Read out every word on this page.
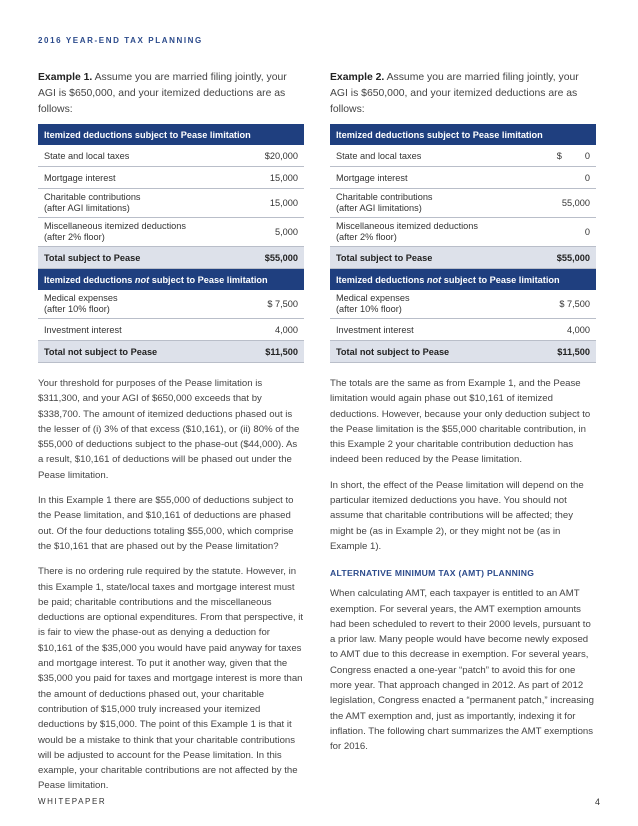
2016 YEAR-END TAX PLANNING

Example 1. Assume you are married filing jointly, your AGI is $650,000, and your itemized deductions are as follows:

Itemized deductions subject to Pease limitation	
State and local taxes	$20,000
Mortgage interest	15,000
Charitable contributions
(after AGI limitations)	15,000
Miscellaneous itemized deductions
(after 2% floor)	5,000
Total subject to Pease	$55,000
Itemized deductions not subject to Pease limitation	
Medical expenses
(after 10% floor)	$ 7,500
Investment interest	4,000
Total not subject to Pease	$11,500

Your threshold for purposes of the Pease limitation is $311,300, and your AGI of $650,000 exceeds that by $338,700. The amount of itemized deductions phased out is the lesser of (i) 3% of that excess ($10,161), or (ii) 80% of the $55,000 of deductions subject to the phase-out ($44,000). As a result, $10,161 of deductions will be phased out under the Pease limitation.

In this Example 1 there are $55,000 of deductions subject to the Pease limitation, and $10,161 of deductions are phased out. Of the four deductions totaling $55,000, which comprise the $10,161 that are phased out by the Pease limitation?

There is no ordering rule required by the statute. However, in this Example 1, state/local taxes and mortgage interest must be paid; charitable contributions and the miscellaneous deductions are optional expenditures. From that perspective, it is fair to view the phase-out as denying a deduction for $10,161 of the $35,000 you would have paid anyway for taxes and mortgage interest. To put it another way, given that the $35,000 you paid for taxes and mortgage interest is more than the amount of deductions phased out, your charitable contribution of $15,000 truly increased your itemized deductions by $15,000. The point of this Example 1 is that it would be a mistake to think that your charitable contributions will be adjusted to account for the Pease limitation. In this example, your charitable contributions are not affected by the Pease limitation.

Example 2. Assume you are married filing jointly, your AGI is $650,000, and your itemized deductions are as follows:

Itemized deductions subject to Pease limitation	
State and local taxes	$         0
Mortgage interest	0
Charitable contributions
(after AGI limitations)	55,000
Miscellaneous itemized deductions
(after 2% floor)	0
Total subject to Pease	$55,000
Itemized deductions not subject to Pease limitation	
Medical expenses
(after 10% floor)	$ 7,500
Investment interest	4,000
Total not subject to Pease	$11,500

The totals are the same as from Example 1, and the Pease limitation would again phase out $10,161 of itemized deductions. However, because your only deduction subject to the Pease limitation is the $55,000 charitable contribution, in this Example 2 your charitable contribution deduction has indeed been reduced by the Pease limitation.

In short, the effect of the Pease limitation will depend on the particular itemized deductions you have. You should not assume that charitable contributions will be affected; they might be (as in Example 2), or they might not be (as in Example 1).

ALTERNATIVE MINIMUM TAX (AMT) PLANNING

When calculating AMT, each taxpayer is entitled to an AMT exemption. For several years, the AMT exemption amounts had been scheduled to revert to their 2000 levels, pursuant to a prior law. Many people would have become newly exposed to AMT due to this decrease in exemption. For several years, Congress enacted a one-year “patch” to avoid this for one more year. That approach changed in 2012. As part of 2012 legislation, Congress enacted a “permanent patch,” increasing the AMT exemption and, just as importantly, indexing it for inflation. The following chart summarizes the AMT exemptions for 2016.

WHITEPAPER	4
